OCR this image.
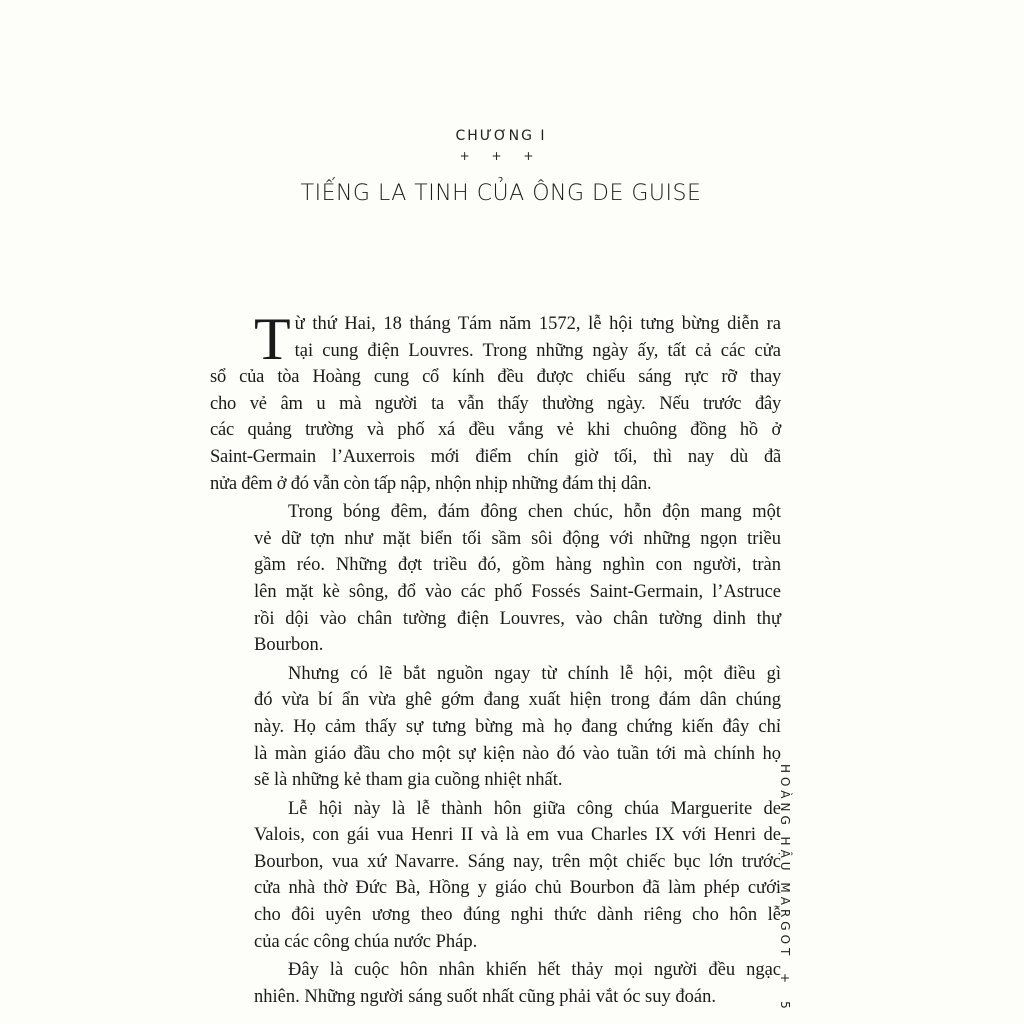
CHƯƠNG I
+ + +
TIẾNG LA TINH CỦA ÔNG DE GUISE
T ừ thứ Hai, 18 tháng Tám năm 1572, lễ hội tưng bừng diễn ra
tại cung điện Louvres. Trong những ngày ấy, tất cả các cửa
sổ của tòa Hoàng cung cổ kính đều được chiếu sáng rực rỡ thay
cho vẻ âm u mà người ta vẫn thấy thường ngày. Nếu trước đây
các quảng trường và phố xá đều vắng vẻ khi chuông đồng hồ ở
Saint-Germain l’Auxerrois mới điểm chín giờ tối, thì nay dù đã
nửa đêm ở đó vẫn còn tấp nập, nhộn nhịp những đám thị dân.
Trong bóng đêm, đám đông chen chúc, hỗn độn mang một
vẻ dữ tợn như mặt biển tối sầm sôi động với những ngọn triều
gầm réo. Những đợt triều đó, gồm hàng nghìn con người, tràn
lên mặt kè sông, đổ vào các phố Fossés Saint-Germain, l’Astruce
rồi dội vào chân tường điện Louvres, vào chân tường dinh thự
Bourbon.
Nhưng có lẽ bắt nguồn ngay từ chính lễ hội, một điều gì
đó vừa bí ẩn vừa ghê gớm đang xuất hiện trong đám dân chúng
này. Họ cảm thấy sự tưng bừng mà họ đang chứng kiến đây chỉ
là màn giáo đầu cho một sự kiện nào đó vào tuần tới mà chính họ
sẽ là những kẻ tham gia cuồng nhiệt nhất.
Lễ hội này là lễ thành hôn giữa công chúa Marguerite de
Valois, con gái vua Henri II và là em vua Charles IX với Henri de
Bourbon, vua xứ Navarre. Sáng nay, trên một chiếc bục lớn trước
cửa nhà thờ Đức Bà, Hồng y giáo chủ Bourbon đã làm phép cưới
cho đôi uyên ương theo đúng nghi thức dành riêng cho hôn lễ
của các công chúa nước Pháp.
Đây là cuộc hôn nhân khiến hết thảy mọi người đều ngạc
nhiên. Những người sáng suốt nhất cũng phải vắt óc suy đoán.
HOÀNG HẬU MARGOT + 5
